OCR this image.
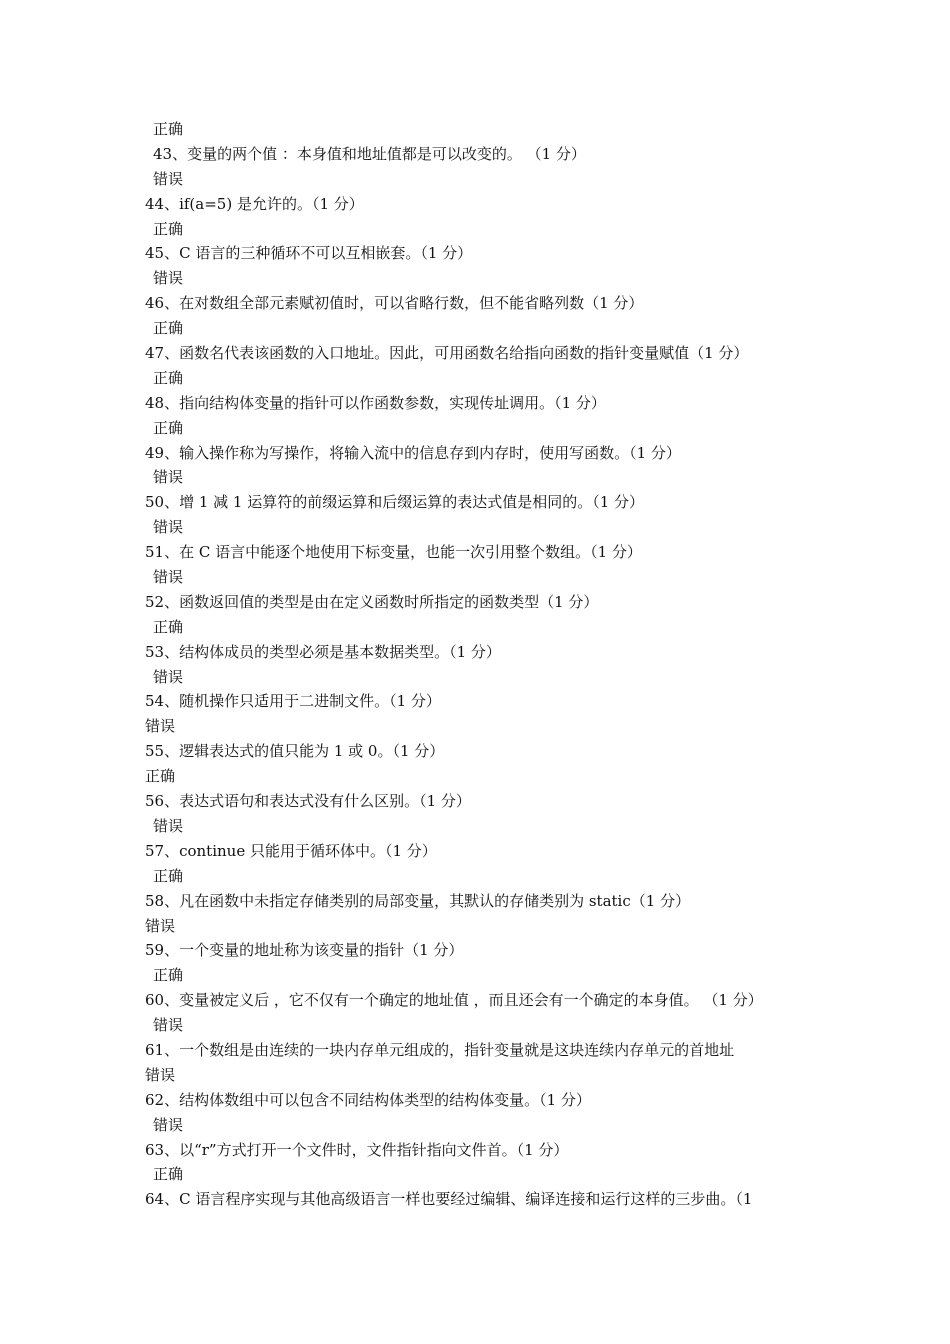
正确
43、变量的两个值 ：本身值和地址值都是可以改变的。 （1 分）
错误
44、if(a=5) 是允许的。（1 分）
正确
45、C 语言的三种循环不可以互相嵌套。（1 分）
错误
46、在对数组全部元素赋初值时，可以省略行数，但不能省略列数（1 分）
正确
47、函数名代表该函数的入口地址。因此，可用函数名给指向函数的指针变量赋值（1 分）
正确
48、指向结构体变量的指针可以作函数参数，实现传址调用。（1 分）
正确
49、输入操作称为写操作，将输入流中的信息存到内存时，使用写函数。（1 分）
错误
50、增 1 减 1 运算符的前缀运算和后缀运算的表达式值是相同的。（1 分）
错误
51、在 C 语言中能逐个地使用下标变量，也能一次引用整个数组。（1 分）
错误
52、函数返回值的类型是由在定义函数时所指定的函数类型（1 分）
正确
53、结构体成员的类型必须是基本数据类型。（1 分）
错误
54、随机操作只适用于二进制文件。（1 分）
错误
55、逻辑表达式的值只能为 1 或 0。（1 分）
正确
56、表达式语句和表达式没有什么区别。（1 分）
错误
57、continue 只能用于循环体中。（1 分）
正确
58、凡在函数中未指定存储类别的局部变量，其默认的存储类别为 static（1 分）
错误
59、一个变量的地址称为该变量的指针（1 分）
正确
60、变量被定义后 ，它不仅有一个确定的地址值 ，而且还会有一个确定的本身值。 （1 分）
错误
61、一个数组是由连续的一块内存单元组成的，指针变量就是这块连续内存单元的首地址
错误
62、结构体数组中可以包含不同结构体类型的结构体变量。（1 分）
错误
63、以“r”方式打开一个文件时，文件指针指向文件首。（1 分）
正确
64、C 语言程序实现与其他高级语言一样也要经过编辑、编译连接和运行这样的三步曲。（1
